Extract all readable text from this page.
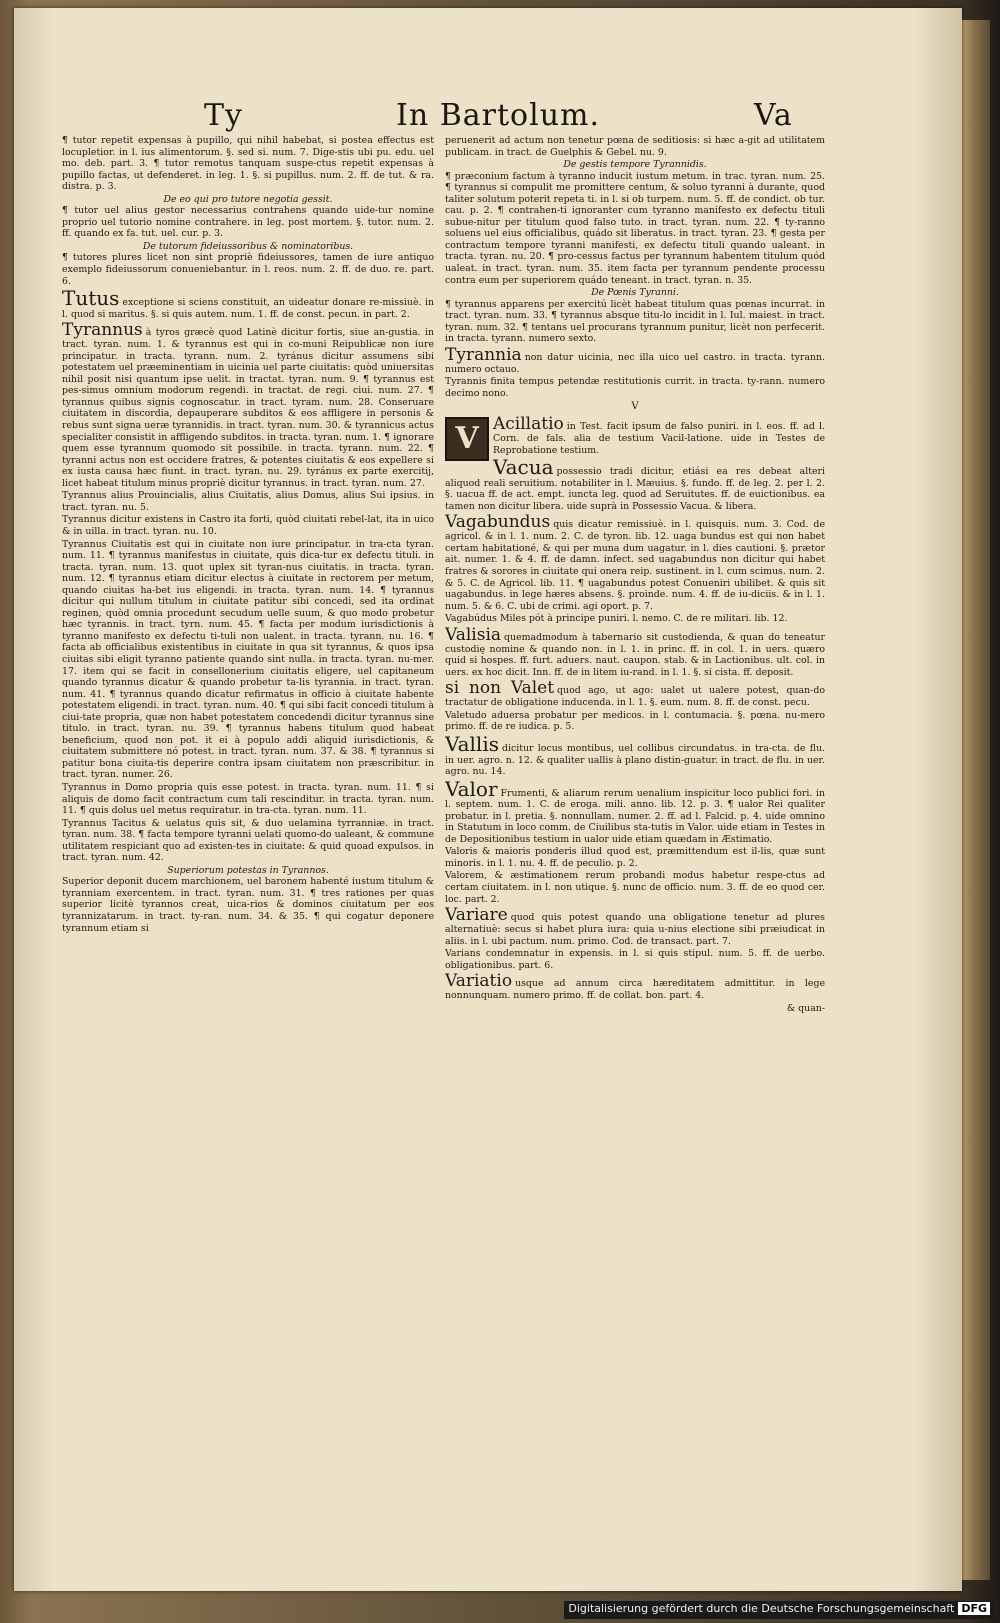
Ty	In Bartolum.	Va

¶ tutor repetit expensas à pupillo, qui nihil habebat, si postea effectus est locupletior. in l. ius alimentorum. §. sed si. num. 7. Dige-stis ubi pu. edu. uel mo. deb. part. 3. ¶ tutor remotus tanquam suspe-ctus repetit expensas à pupillo factas, ut defenderet. in leg. 1. §. si pupillus. num. 2. ff. de tut. & ra. distra. p. 3.

De eo qui pro tutore negotia gessit.

¶ tutor uel alius gestor necessarius contrahens quando uide-tur nomine proprio uel tutorio nomine contrahere. in leg. post mortem. §. tutor. num. 2. ff. quando ex fa. tut. uel. cur. p. 3.

De tutorum fideiussoribus & nominatoribus.

¶ tutores plures licet non sint propriè fideiussores, tamen de iure antiquo exemplo fideiussorum conueniebantur. in l. reos. num. 2. ff. de duo. re. part. 6.

Tutus exceptione si sciens constituit, an uideatur donare re-missiuè. in l. quod si maritus. §. si quis autem. num. 1. ff. de const. pecun. in part. 2.

Tyrannus à tyros græcè quod Latinè dicitur fortis, siue an-gustia. in tract. tyran. num. 1. & tyrannus est qui in co-muni Reipublicæ non iure principatur. in tracta. tyrann. num. 2. tyránus dicitur assumens sibi potestatem uel præeminentiam in uicinia uel parte ciuitatis: quòd uniuersitas nihil posit nisi quantum ipse uelit. in tractat. tyran. num. 9. ¶ tyrannus est pes-simus omnium modorum regendi. in tractat. de regi. ciui. num. 27. ¶ tyrannus quibus signis cognoscatur. in tract. tyram. num. 28. Conseruare ciuitatem in discordia, depauperare subditos & eos affligere in personis & rebus sunt signa ueræ tyrannidis. in tract. tyran. num. 30. & tyrannicus actus specialiter consistit in affligendo subditos. in tracta. tyran. num. 1. ¶ ignorare quem esse tyrannum quomodo sit possibile. in tracta. tyrann. num. 22. ¶ tyranni actus non est occidere fratres, & potentes ciuitatis & eos expellere si ex iusta causa hæc fiunt. in tract. tyran. nu. 29. tyránus ex parte exercitij, licet habeat titulum minus propriè dicitur tyrannus. in tract. tyran. num. 27.

Tyrannus alius Prouincialis, alius Ciuitatis, alius Domus, alius Sui ipsius. in tract. tyran. nu. 5.

Tyrannus dicitur existens in Castro ita forti, quòd ciuitati rebel-lat, ita in uico & in uilla. in tract. tyran. nu. 10.

Tyrannus Ciuitatis est qui in ciuitate non iure principatur. in tra-cta tyran. num. 11. ¶ tyrannus manifestus in ciuitate, quis dica-tur ex defectu tituli. in tracta. tyran. num. 13. quot uplex sit tyran-nus ciuitatis. in tracta. tyran. num. 12. ¶ tyrannus etiam dicitur electus à ciuitate in rectorem per metum, quando ciuitas ha-bet ius eligendi. in tracta. tyran. num. 14. ¶ tyrannus dicitur qui nullum titulum in ciuitate patitur sibi concedi, sed ita ordinat reginen, quòd omnia procedunt secudum uelle suum, & quo modo probetur hæc tyrannis. in tract. tyrn. num. 45. ¶ facta per modum iurisdictionis à tyranno manifesto ex defectu ti-tuli non ualent. in tracta. tyrann. nu. 16. ¶ facta ab officialibus existentibus in ciuitate in qua sit tyrannus, & quos ipsa ciuitas sibi eligit tyranno patiente quando sint nulla. in tracta. tyran. nu-mer. 17. item qui se facit in consellonerium ciuitatis eligere, uel capitaneum quando tyrannus dicatur & quando probetur ta-lis tyrannia. in tract. tyran. num. 41. ¶ tyrannus quando dicatur refirmatus in officio à ciuitate habente potestatem eligendi. in tract. tyran. num. 40. ¶ qui sibi facit concedi titulum à ciui-tate propria, quæ non habet potestatem concedendi dicitur tyrannus sine titulo. in tract. tyran. nu. 39. ¶ tyrannus habens titulum quod habeat beneficium, quod non pot. it ei à populo addi aliquid iurisdictionis, & ciuitatem submittere nó potest. in tract. tyran. num. 37. & 38. ¶ tyrannus si patitur bona ciuita-tis deperire contra ipsam ciuitatem non præscribitur. in tract. tyran. numer. 26.

Tyrannus in Domo propria quis esse potest. in tracta. tyran. num. 11. ¶ si aliquis de domo facit contractum cum tali rescinditur. in tracta. tyran. num. 11. ¶ quis dolus uel metus requiratur. in tra-cta. tyran. num. 11.

Tyrannus Tacitus & uelatus quis sit, & duo uelamina tyrranniæ. in tract. tyran. num. 38. ¶ facta tempore tyranni uelati quomo-do ualeant, & commune utilitatem respiciant quo ad existen-tes in ciuitate: & quid quoad expulsos. in tract. tyran. num. 42.

Superiorum potestas in Tyrannos.

Superior deponit ducem marchionem, uel baronem habenté iustum titulum & tyranniam exercentem. in tract. tyran. num. 31. ¶ tres rationes per quas superior licitè tyrannos creat, uica-rios & dominos ciuitatum per eos tyrannizatarum. in tract. ty-ran. num. 34. & 35. ¶ qui cogatur deponere tyrannum etiam si

peruenerit ad actum non tenetur pœna de seditiosis: si hæc a-git ad utilitatem publicam. in tract. de Guelphis & Gebel. nu. 9.

De gestis tempore Tyrannidis.

¶ præconium factum à tyranno inducit iustum metum. in trac. tyran. num. 25. ¶ tyrannus si compulit me promittere centum, & soluo tyranni à durante, quod taliter solutum poterit repeta ti. in l. si ob turpem. num. 5. ff. de condict. ob tur. cau. p. 2. ¶ contrahen-ti ignoranter cum tyranno manifesto ex defectu tituli subue-nitur per titulum quod falso tuto. in tract. tyran. num. 22. ¶ ty-ranno soluens uel eius officialibus, quádo sit liberatus. in tract. tyran. 23. ¶ gesta per contractum tempore tyranni manifesti, ex defectu tituli quando ualeant. in tracta. tyran. nu. 20. ¶ pro-cessus factus per tyrannum habentem titulum quód ualeat. in tract. tyran. num. 35. item facta per tyrannum pendente processu contra eum per superiorem quádo teneant. in tract. tyran. n. 35.

De Pœnis Tyranni.

¶ tyrannus apparens per exercitú licèt habeat titulum quas pœnas incurrat. in tract. tyran. num. 33. ¶ tyrannus absque titu-lo incidit in l. Iul. maiest. in tract. tyran. num. 32. ¶ tentans uel procurans tyrannum punitur, licèt non perfecerit. in tracta. tyrann. numero sexto.

Tyrannia non datur uicinia, nec illa uico uel castro. in tracta. tyrann. numero octauo.

Tyrannis finita tempus petendæ restitutionis currit. in tracta. ty-rann. numero decimo nono.

V

V Acillatio in Test. facit ipsum de falso puniri. in l. eos. ff. ad l. Corn. de fals. alia de testium Vacil-latione. uide in Testes de Reprobatione testium.

Vacua possessio tradi dicitur, etiási ea res debeat alteri aliquod reali seruitium. notabiliter in l. Mæuius. §. fundo. ff. de leg. 2. per l. 2. §. uacua ff. de act. empt. iuncta leg. quod ad Seruitutes. ff. de euictionibus. ea tamen non dicitur libera. uide suprà in Possessio Vacua. & libera.

Vagabundus quis dicatur remissiuè. in l. quisquis. num. 3. Cod. de agricol. & in l. 1. num. 2. C. de tyron. lib. 12. uaga bundus est qui non habet certam habitationé, & qui per muna dum uagatur. in l. dies cautioni. §. prætor ait. numer. 1. & 4. ff. de damn. infect. sed uagabundus non dicitur qui habet fratres & sorores in ciuitate qui onera reip. sustinent. in l. cum scimus. num. 2. & 5. C. de Agricol. lib. 11. ¶ uagabundus potest Conueniri ubilibet. & quis sit uagabundus. in lege hæres absens. §. proinde. num. 4. ff. de iu-diciis. & in l. 1. num. 5. & 6. C. ubi de crimi. agi oport. p. 7.

Vagabúdus Miles pót à principe puniri. l. nemo. C. de re militari. lib. 12.

Valisia quemadmodum à tabernario sit custodienda, & quan do teneatur custodię nomine & quando non. in l. 1. in princ. ff. in col. 1. in uers. quæro quid si hospes. ff. furt. aduers. naut. caupon. stab. & in Lactionibus. ult. col. in uers. ex hoc dicit. Inn. ff. de in litem iu-rand. in l. 1. §. si cista. ff. deposit.

si non Valet quod ago, ut ago: ualet ut ualere potest, quan-do tractatur de obligatione inducenda. in l. 1. §. eum. num. 8. ff. de const. pecu.

Valetudo aduersa probatur per medicos. in l. contumacia. §. pœna. nu-mero primo. ff. de re iudica. p. 5.

Vallis dicitur locus montibus, uel collibus circundatus. in tra-cta. de flu. in uer. agro. n. 12. & qualiter uallis à plano distin-guatur. in tract. de flu. in uer. agro. nu. 14.

Valor Frumenti, & aliarum rerum uenalium inspicitur loco publici fori. in l. septem. num. 1. C. de eroga. mili. anno. lib. 12. p. 3. ¶ ualor Rei qualiter probatur. in l. pretia. §. nonnullam. numer. 2. ff. ad l. Falcid. p. 4. uide omnino in Statutum in loco comm. de Ciuilibus sta-tutis in Valor. uide etiam in Testes in de Depositionibus testium in ualor uide etiam quædam in Æstimatio.

Valoris & maioris ponderis illud quod est, præmittendum est il-lis, quæ sunt minoris. in l. 1. nu. 4. ff. de peculio. p. 2.

Valorem, & æstimationem rerum probandi modus habetur respe-ctus ad certam ciuitatem. in l. non utique. §. nunc de officio. num. 3. ff. de eo quod cer. loc. part. 2.

Variare quod quis potest quando una obligatione tenetur ad plures alternatiuè: secus si habet plura iura: quia u-nius electione sibi præiudicat in aliis. in l. ubi pactum. num. primo. Cod. de transact. part. 7.

Varians condemnatur in expensis. in l. si quis stipul. num. 5. ff. de uerbo. obligationibus. part. 6.

Variatio usque ad annum circa hæreditatem admittitur. in lege nonnunquam. numero primo. ff. de collat. bon. part. 4.

& quan-

Digitalisierung gefördert durch die Deutsche Forschungsgemeinschaft DFG
